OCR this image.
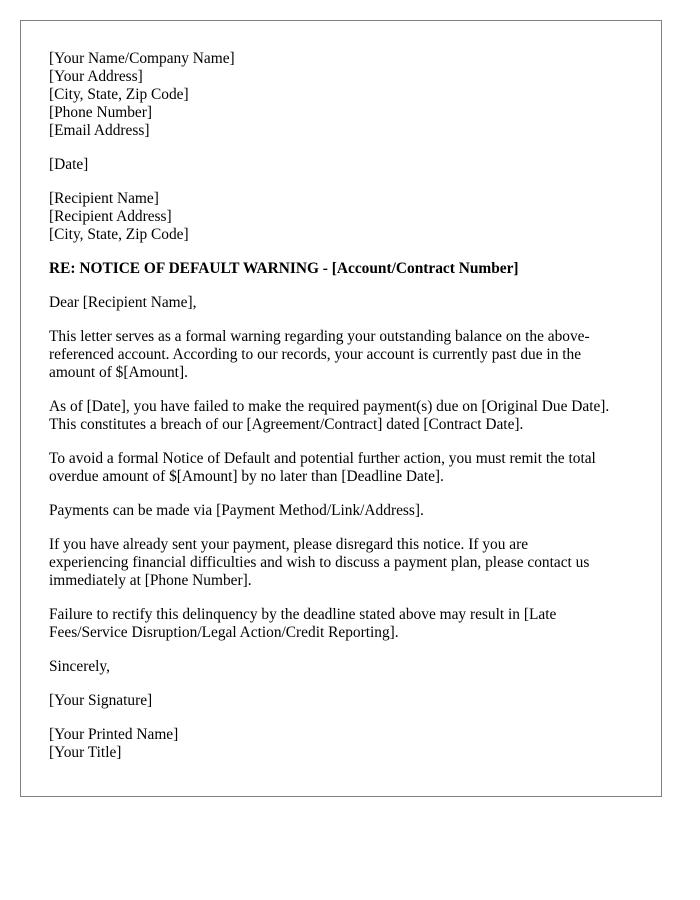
[Your Name/Company Name]
[Your Address]
[City, State, Zip Code]
[Phone Number]
[Email Address]
[Date]
[Recipient Name]
[Recipient Address]
[City, State, Zip Code]
RE: NOTICE OF DEFAULT WARNING - [Account/Contract Number]
Dear [Recipient Name],
This letter serves as a formal warning regarding your outstanding balance on the above-
referenced account. According to our records, your account is currently past due in the
amount of $[Amount].
As of [Date], you have failed to make the required payment(s) due on [Original Due Date].
This constitutes a breach of our [Agreement/Contract] dated [Contract Date].
To avoid a formal Notice of Default and potential further action, you must remit the total
overdue amount of $[Amount] by no later than [Deadline Date].
Payments can be made via [Payment Method/Link/Address].
If you have already sent your payment, please disregard this notice. If you are
experiencing financial difficulties and wish to discuss a payment plan, please contact us
immediately at [Phone Number].
Failure to rectify this delinquency by the deadline stated above may result in [Late
Fees/Service Disruption/Legal Action/Credit Reporting].
Sincerely,
[Your Signature]
[Your Printed Name]
[Your Title]
